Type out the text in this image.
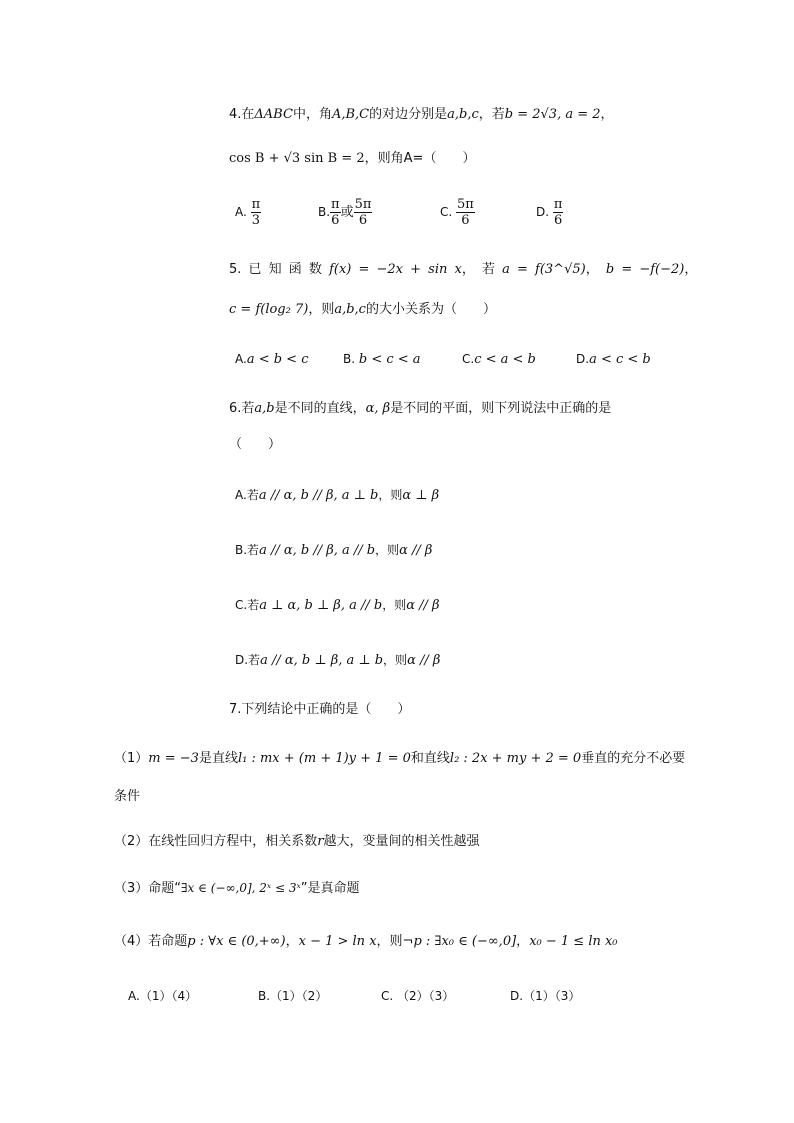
4.在ΔABC中，角A,B,C的对边分别是a,b,c，若b = 2√3, a = 2，
cos B + √3 sin B = 2，则角A=（　　）
A. $\frac{\pi}{3}$	B. $\frac{\pi}{6}$ 或 $\frac{5\pi}{6}$	C. $\frac{5\pi}{6}$	D. $\frac{\pi}{6}$
5. 已 知 函 数 f(x) = −2x + sin x， 若 a = f(3^√5)， b = −f(−2)，
c = f(log₂ 7)，则a,b,c的大小关系为（　　）
A.a < b < c	B. b < c < a	C.c < a < b	D.a < c < b
6.若a,b是不同的直线，α, β是不同的平面，则下列说法中正确的是
（　　）
A.若a // α, b // β, a ⊥ b，则α ⊥ β
B.若a // α, b // β, a // b，则α // β
C.若a ⊥ α, b ⊥ β, a // b，则α // β
D.若a // α, b ⊥ β, a ⊥ b，则α // β
7.下列结论中正确的是（　　）
（1）m = −3是直线l₁ : mx + (m + 1)y + 1 = 0和直线l₂ : 2x + my + 2 = 0垂直的充分不必要
条件
（2）在线性回归方程中，相关系数r越大，变量间的相关性越强
（3）命题“∃x ∈ (−∞,0], 2ˣ ≤ 3ˣ”是真命题
（4）若命题p : ∀x ∈ (0,+∞)，x − 1 > ln x，则¬p : ∃x₀ ∈ (−∞,0]，x₀ − 1 ≤ ln x₀
A.（1）（4）	B.（1）（2）	C. （2）（3）	D.（1）（3）
